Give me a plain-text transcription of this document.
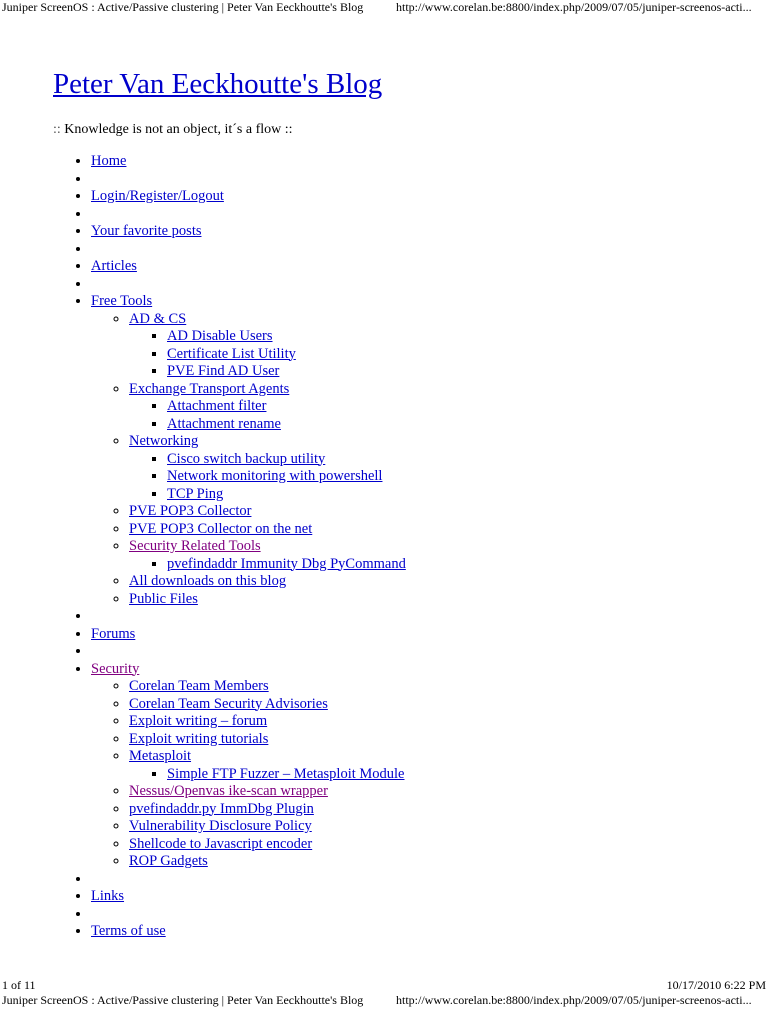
Juniper ScreenOS : Active/Passive clustering | Peter Van Eeckhoutte's Blog	http://www.corelan.be:8800/index.php/2009/07/05/juniper-screenos-acti...
Peter Van Eeckhoutte's Blog
:: Knowledge is not an object, it´s a flow ::
• Home
•
• Login/Register/Logout
•
• Your favorite posts
•
• Articles
•
• Free Tools
◦ AD & CS
▪ AD Disable Users
▪ Certificate List Utility
▪ PVE Find AD User
◦ Exchange Transport Agents
▪ Attachment filter
▪ Attachment rename
◦ Networking
▪ Cisco switch backup utility
▪ Network monitoring with powershell
▪ TCP Ping
◦ PVE POP3 Collector
◦ PVE POP3 Collector on the net
◦ Security Related Tools
▪ pvefindaddr Immunity Dbg PyCommand
◦ All downloads on this blog
◦ Public Files
•
• Forums
•
• Security
◦ Corelan Team Members
◦ Corelan Team Security Advisories
◦ Exploit writing – forum
◦ Exploit writing tutorials
◦ Metasploit
▪ Simple FTP Fuzzer – Metasploit Module
◦ Nessus/Openvas ike-scan wrapper
◦ pvefindaddr.py ImmDbg Plugin
◦ Vulnerability Disclosure Policy
◦ Shellcode to Javascript encoder
◦ ROP Gadgets
•
• Links
•
• Terms of use
1 of 11	10/17/2010 6:22 PM
Juniper ScreenOS : Active/Passive clustering | Peter Van Eeckhoutte's Blog	http://www.corelan.be:8800/index.php/2009/07/05/juniper-screenos-acti...
